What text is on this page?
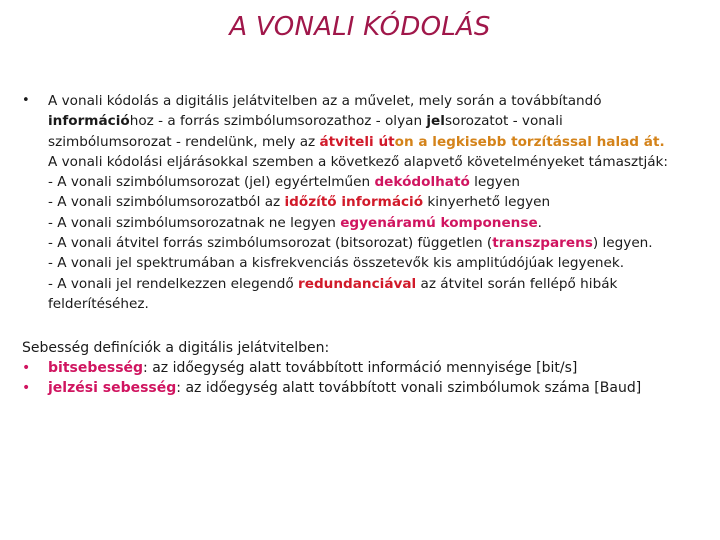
A VONALI KÓDOLÁS
• A vonali kódolás a digitális jelátvitelben az a művelet, mely során a továbbítandó
információhoz - a forrás szimbólumsorozathoz - olyan jelsorozatot - vonali
szimbólumsorozat - rendelünk, mely az átviteli úton a legkisebb torzítással halad át.
A vonali kódolási eljárásokkal szemben a következő alapvető követelményeket támasztják:
- A vonali szimbólumsorozat (jel) egyértelműen dekódolható legyen
- A vonali szimbólumsorozatból az időzítő információ kinyerhető legyen
- A vonali szimbólumsorozatnak ne legyen egyenáramú komponense.
- A vonali átvitel forrás szimbólumsorozat (bitsorozat) független (transzparens) legyen.
- A vonali jel spektrumában a kisfrekvenciás összetevők kis amplitúdójúak legyenek.
- A vonali jel rendelkezzen elegendő redundanciával az átvitel során fellépő hibák
felderítéséhez.
Sebesség definíciók a digitális jelátvitelben:
• bitsebesség: az időegység alatt továbbított információ mennyisége [bit/s]
• jelzési sebesség: az időegység alatt továbbított vonali szimbólumok száma [Baud]
